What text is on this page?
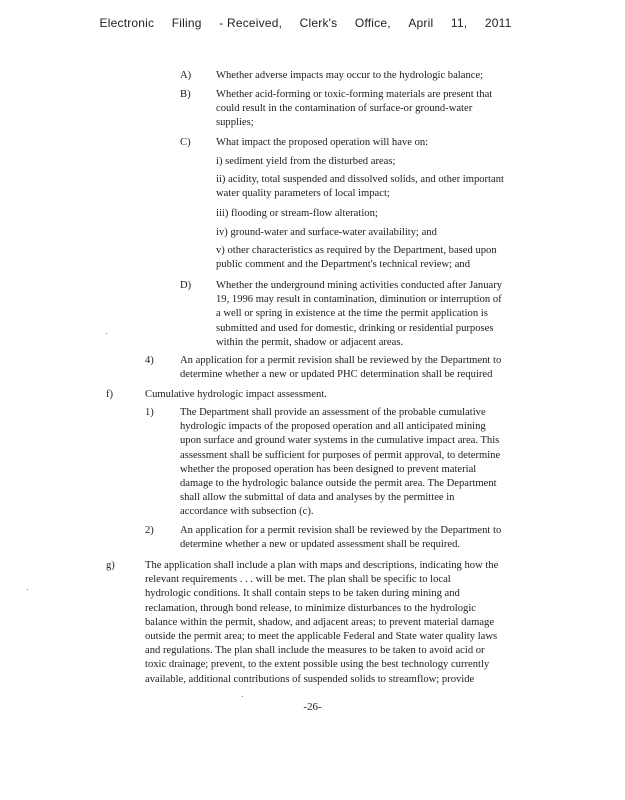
Electronic Filing - Received, Clerk's Office, April 11, 2011
A) Whether adverse impacts may occur to the hydrologic balance;
B) Whether acid-forming or toxic-forming materials are present that
could result in the contamination of surface-or ground-water
supplies;
C) What impact the proposed operation will have on:
i) sediment yield from the disturbed areas;
ii) acidity, total suspended and dissolved solids, and other important
water quality parameters of local impact;
iii) flooding or stream-flow alteration;
iv) ground-water and surface-water availability; and
v) other characteristics as required by the Department, based upon
public comment and the Department's technical review; and
D) Whether the underground mining activities conducted after January
19, 1996 may result in contamination, diminution or interruption of
a well or spring in existence at the time the permit application is
submitted and used for domestic, drinking or residential purposes
within the permit, shadow or adjacent areas.
4) An application for a permit revision shall be reviewed by the Department to
determine whether a new or updated PHC determination shall be required
f)	Cumulative hydrologic impact assessment.
1) The Department shall provide an assessment of the probable cumulative
hydrologic impacts of the proposed operation and all anticipated mining
upon surface and ground water systems in the cumulative impact area. This
assessment shall be sufficient for purposes of permit approval, to determine
whether the proposed operation has been designed to prevent material
damage to the hydrologic balance outside the permit area. The Department
shall allow the submittal of data and analyses by the permittee in
accordance with subsection (c).
2) An application for a permit revision shall be reviewed by the Department to
determine whether a new or updated assessment shall be required.
g)	The application shall include a plan with maps and descriptions, indicating how the
relevant requirements . . . will be met. The plan shall be specific to local
hydrologic conditions. It shall contain steps to be taken during mining and
reclamation, through bond release, to minimize disturbances to the hydrologic
balance within the permit, shadow, and adjacent areas; to prevent material damage
outside the permit area; to meet the applicable Federal and State water quality laws
and regulations. The plan shall include the measures to be taken to avoid acid or
toxic drainage; prevent, to the extent possible using the best technology currently
available, additional contributions of suspended solids to streamflow; provide
-26-
